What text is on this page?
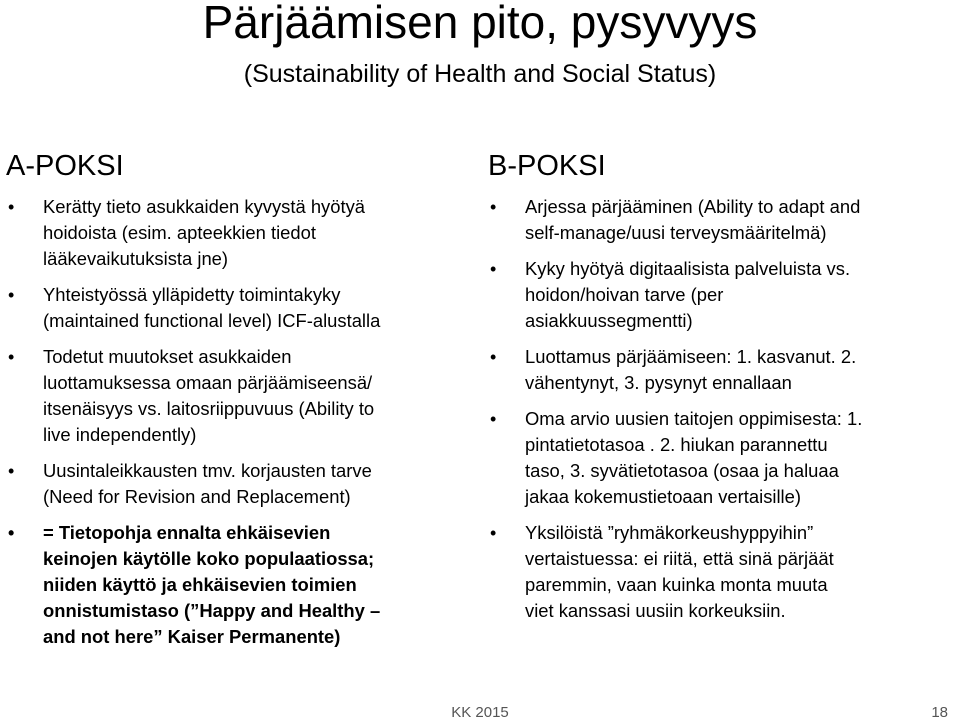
Pärjäämisen pito, pysyvyys
(Sustainability of Health and Social Status)
A-POKSI
• Kerätty tieto asukkaiden kyvystä hyötyä
hoidoista (esim. apteekkien tiedot
lääkevaikutuksista jne)
• Yhteistyössä ylläpidetty toimintakyky
(maintained functional level) ICF-alustalla
• Todetut muutokset asukkaiden
luottamuksessa omaan pärjäämiseensä/
itsenäisyys vs. laitosriippuvuus (Ability to
live independently)
• Uusintaleikkausten tmv. korjausten tarve
(Need for Revision and Replacement)
• = Tietopohja ennalta ehkäisevien
keinojen käytölle koko populaatiossa;
niiden käyttö ja ehkäisevien toimien
onnistumistaso (”Happy and Healthy –
and not here” Kaiser Permanente)
B-POKSI
• Arjessa pärjääminen (Ability to adapt and
self-manage/uusi terveysmääritelmä)
• Kyky hyötyä digitaalisista palveluista vs.
hoidon/hoivan tarve (per
asiakkuussegmentti)
• Luottamus pärjäämiseen: 1. kasvanut. 2.
vähentynyt, 3. pysynyt ennallaan
• Oma arvio uusien taitojen oppimisesta: 1.
pintatietotasoa . 2. hiukan parannettu
taso, 3. syvätietotasoa (osaa ja haluaa
jakaa kokemustietoaan vertaisille)
• Yksilöistä ”ryhmäkorkeushyppyihin”
vertaistuessa: ei riitä, että sinä pärjäät
paremmin, vaan kuinka monta muuta
viet kanssasi uusiin korkeuksiin.
KK 2015	18
